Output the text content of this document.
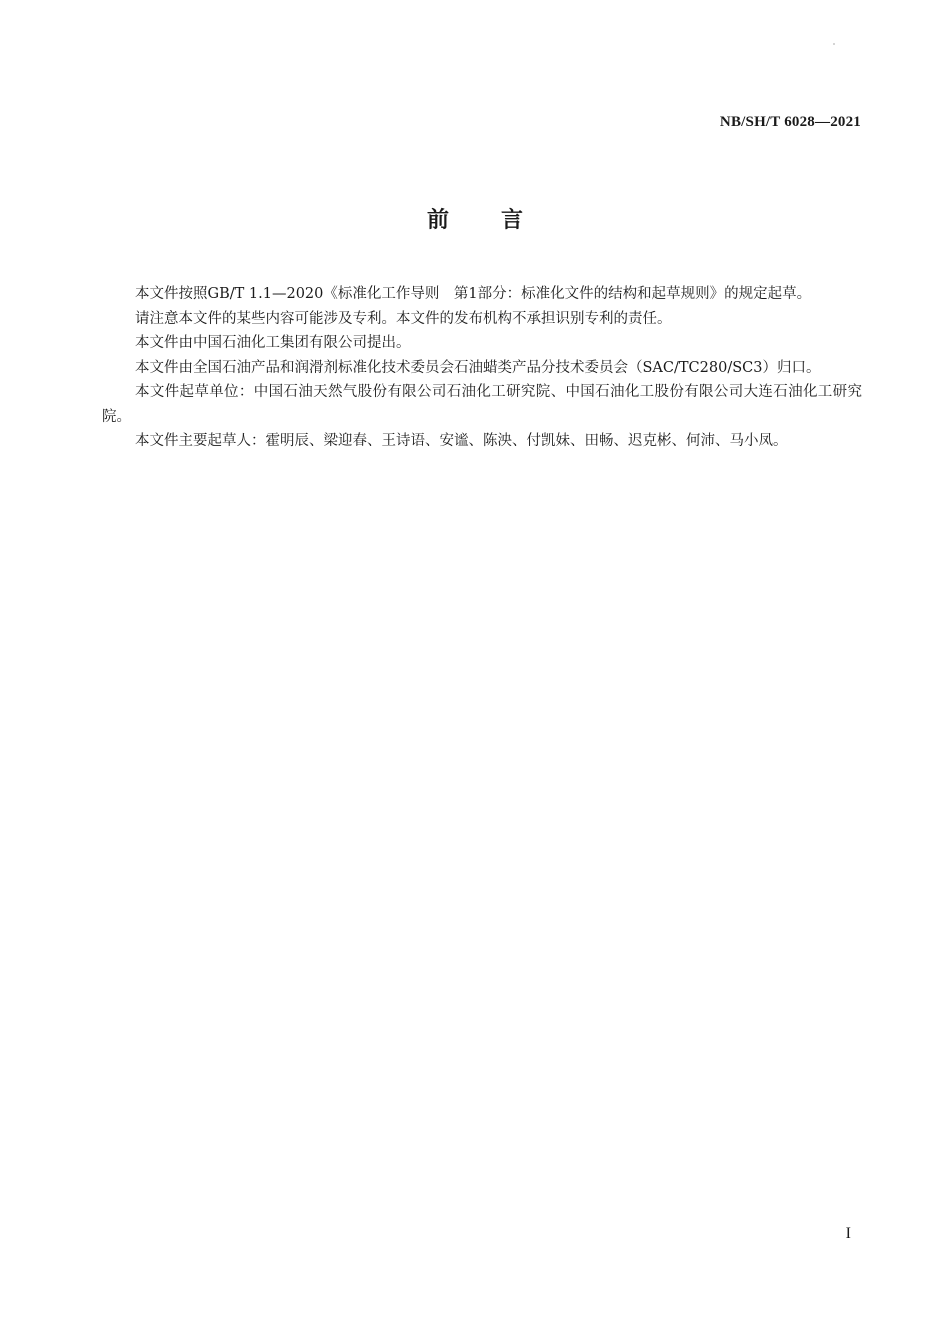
NB/SH/T 6028—2021
前 言

本文件按照GB/T 1.1—2020《标准化工作导则　第1部分：标准化文件的结构和起草规则》的规定起草。

请注意本文件的某些内容可能涉及专利。本文件的发布机构不承担识别专利的责任。

本文件由中国石油化工集团有限公司提出。

本文件由全国石油产品和润滑剂标准化技术委员会石油蜡类产品分技术委员会（SAC/TC280/SC3）归口。

本文件起草单位：中国石油天然气股份有限公司石油化工研究院、中国石油化工股份有限公司大连石油化工研究院。

本文件主要起草人：霍明辰、梁迎春、王诗语、安谧、陈泱、付凯妹、田畅、迟克彬、何沛、马小凤。

I
